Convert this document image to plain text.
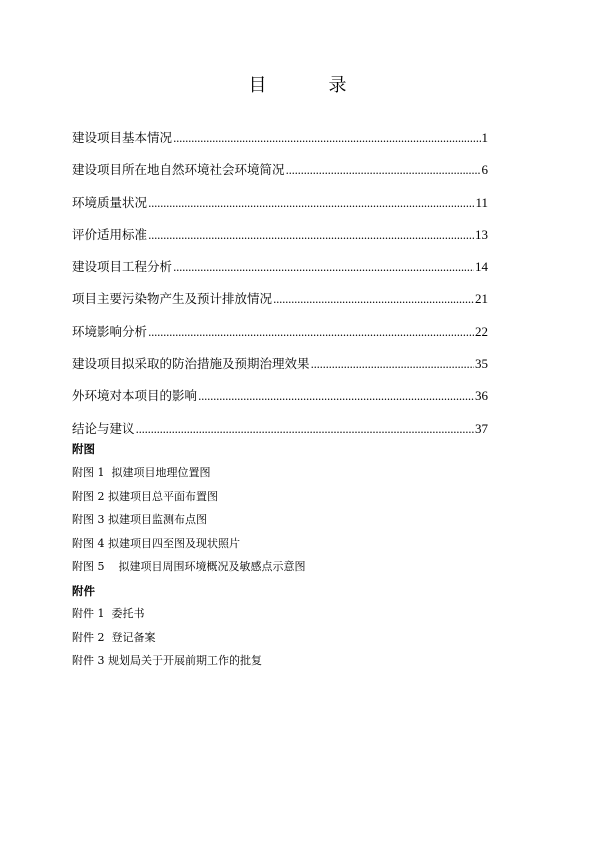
目　录
建设项目基本情况 .....	1
建设项目所在地自然环境社会环境简况 .....	6
环境质量状况 .....	11
评价适用标准 .....	13
建设项目工程分析 .....	14
项目主要污染物产生及预计排放情况 .....	21
环境影响分析 .....	22
建设项目拟采取的防治措施及预期治理效果 .....	35
外环境对本项目的影响 .....	36
结论与建议 .....	37
附图
附图 1  拟建项目地理位置图
附图 2 拟建项目总平面布置图
附图 3 拟建项目监测布点图
附图 4 拟建项目四至图及现状照片
附图 5    拟建项目周围环境概况及敏感点示意图
附件
附件 1  委托书
附件 2  登记备案
附件 3 规划局关于开展前期工作的批复
